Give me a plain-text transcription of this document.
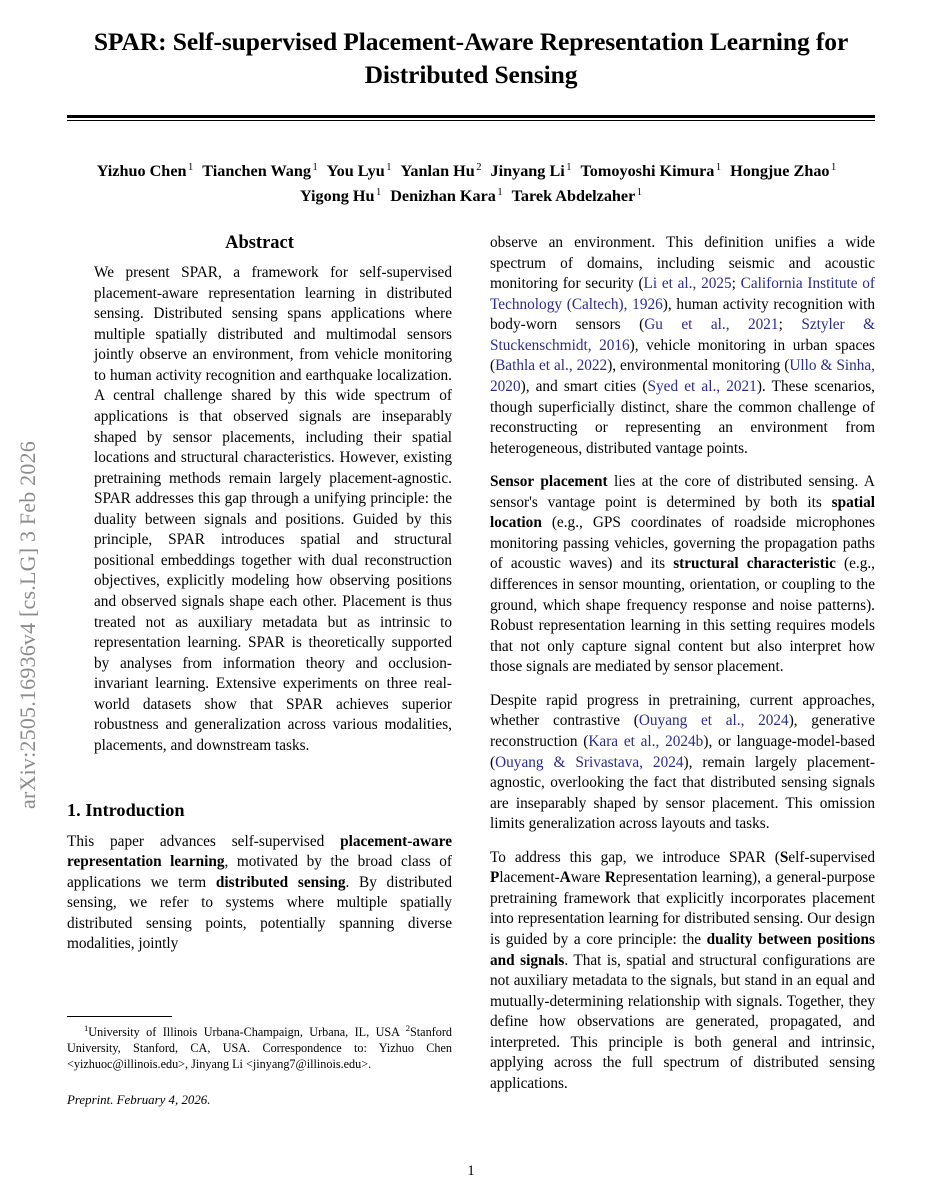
arXiv:2505.16936v4 [cs.LG] 3 Feb 2026
SPAR: Self-supervised Placement-Aware Representation Learning for Distributed Sensing
Yizhuo Chen $^1$ Tianchen Wang $^1$ You Lyu $^1$ Yanlan Hu $^2$ Jinyang Li $^1$ Tomoyoshi Kimura $^1$ Hongjue Zhao $^1$Yigong Hu $^1$ Denizhan Kara $^1$ Tarek Abdelzaher $^1$
Abstract

We present SPAR, a framework for self-supervised placement-aware representation learning in distributed sensing. Distributed sensing spans applications where multiple spatially distributed and multimodal sensors jointly observe an environment, from vehicle monitoring to human activity recognition and earthquake localization. A central challenge shared by this wide spectrum of applications is that observed signals are inseparably shaped by sensor placements, including their spatial locations and structural characteristics. However, existing pretraining methods remain largely placement-agnostic. SPAR addresses this gap through a unifying principle: the duality between signals and positions. Guided by this principle, SPAR introduces spatial and structural positional embeddings together with dual reconstruction objectives, explicitly modeling how observing positions and observed signals shape each other. Placement is thus treated not as auxiliary metadata but as intrinsic to representation learning. SPAR is theoretically supported by analyses from information theory and occlusion-invariant learning. Extensive experiments on three real-world datasets show that SPAR achieves superior robustness and generalization across various modalities, placements, and downstream tasks.

1. Introduction

This paper advances self-supervised placement-aware representation learning, motivated by the broad class of applications we term distributed sensing. By distributed sensing, we refer to systems where multiple spatially distributed sensing points, potentially spanning diverse modalities, jointly

$^1$University of Illinois Urbana-Champaign, Urbana, IL, USA $^2$Stanford University, Stanford, CA, USA. Correspondence to: Yizhuo Chen <yizhuoc@illinois.edu>, Jinyang Li <jinyang7@illinois.edu>.

Preprint. February 4, 2026.

observe an environment. This definition unifies a wide spectrum of domains, including seismic and acoustic monitoring for security (Li et al., 2025; California Institute of Technology (Caltech), 1926), human activity recognition with body-worn sensors (Gu et al., 2021; Sztyler & Stuckenschmidt, 2016), vehicle monitoring in urban spaces (Bathla et al., 2022), environmental monitoring (Ullo & Sinha, 2020), and smart cities (Syed et al., 2021). These scenarios, though superficially distinct, share the common challenge of reconstructing or representing an environment from heterogeneous, distributed vantage points.

Sensor placement lies at the core of distributed sensing. A sensor's vantage point is determined by both its spatial location (e.g., GPS coordinates of roadside microphones monitoring passing vehicles, governing the propagation paths of acoustic waves) and its structural characteristic (e.g., differences in sensor mounting, orientation, or coupling to the ground, which shape frequency response and noise patterns). Robust representation learning in this setting requires models that not only capture signal content but also interpret how those signals are mediated by sensor placement.

Despite rapid progress in pretraining, current approaches, whether contrastive (Ouyang et al., 2024), generative reconstruction (Kara et al., 2024b), or language-model-based (Ouyang & Srivastava, 2024), remain largely placement-agnostic, overlooking the fact that distributed sensing signals are inseparably shaped by sensor placement. This omission limits generalization across layouts and tasks.

To address this gap, we introduce SPAR (Self-supervised Placement-Aware Representation learning), a general-purpose pretraining framework that explicitly incorporates placement into representation learning for distributed sensing. Our design is guided by a core principle: the duality between positions and signals. That is, spatial and structural configurations are not auxiliary metadata to the signals, but stand in an equal and mutually-determining relationship with signals. Together, they define how observations are generated, propagated, and interpreted. This principle is both general and intrinsic, applying across the full spectrum of distributed sensing applications.

1
